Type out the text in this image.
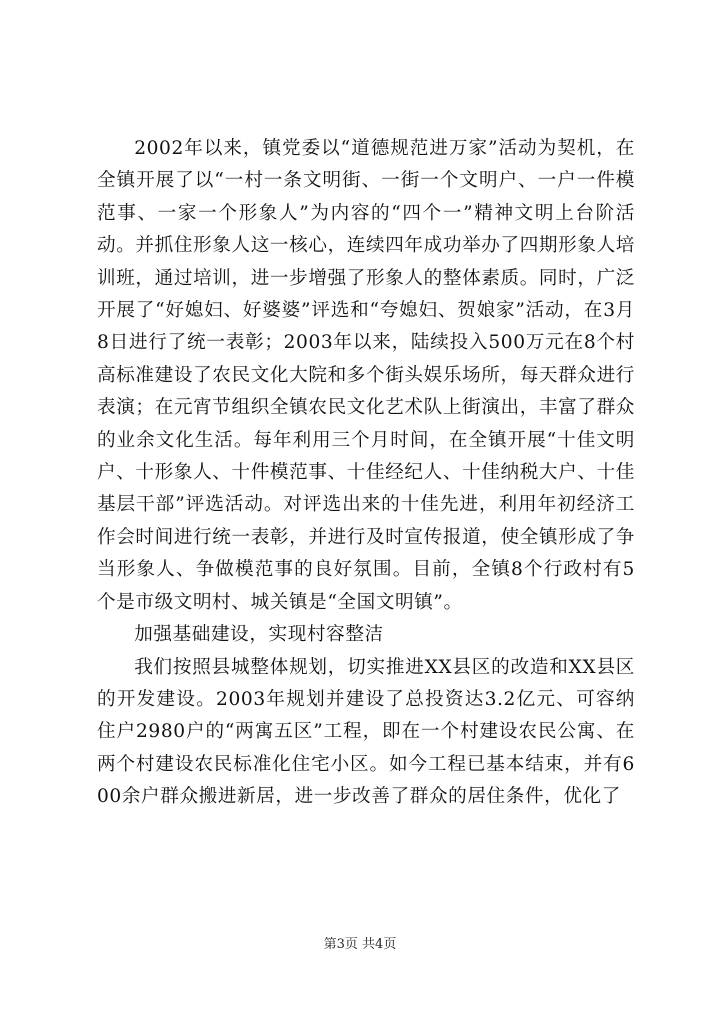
2002年以来，镇党委以“道德规范进万家”活动为契机，在全镇开展了以“一村一条文明街、一街一个文明户、一户一件模范事、一家一个形象人”为内容的“四个一”精神文明上台阶活动。并抓住形象人这一核心，连续四年成功举办了四期形象人培训班，通过培训，进一步增强了形象人的整体素质。同时，广泛开展了“好媳妇、好婆婆”评选和“夸媳妇、贺娘家”活动，在3月8日进行了统一表彰；2003年以来，陆续投入500万元在8个村高标准建设了农民文化大院和多个街头娱乐场所，每天群众进行表演；在元宵节组织全镇农民文化艺术队上街演出，丰富了群众的业余文化生活。每年利用三个月时间，在全镇开展“十佳文明户、十形象人、十件模范事、十佳经纪人、十佳纳税大户、十佳基层干部”评选活动。对评选出来的十佳先进，利用年初经济工作会时间进行统一表彰，并进行及时宣传报道，使全镇形成了争当形象人、争做模范事的良好氛围。目前，全镇8个行政村有5个是市级文明村、城关镇是“全国文明镇”。

加强基础建设，实现村容整洁

我们按照县城整体规划，切实推进XX县区的改造和XX县区的开发建设。2003年规划并建设了总投资达3.2亿元、可容纳住户2980户的“两寓五区”工程，即在一个村建设农民公寓、在两个村建设农民标准化住宅小区。如今工程已基本结束，并有600余户群众搬进新居，进一步改善了群众的居住条件，优化了

第3页 共4页
